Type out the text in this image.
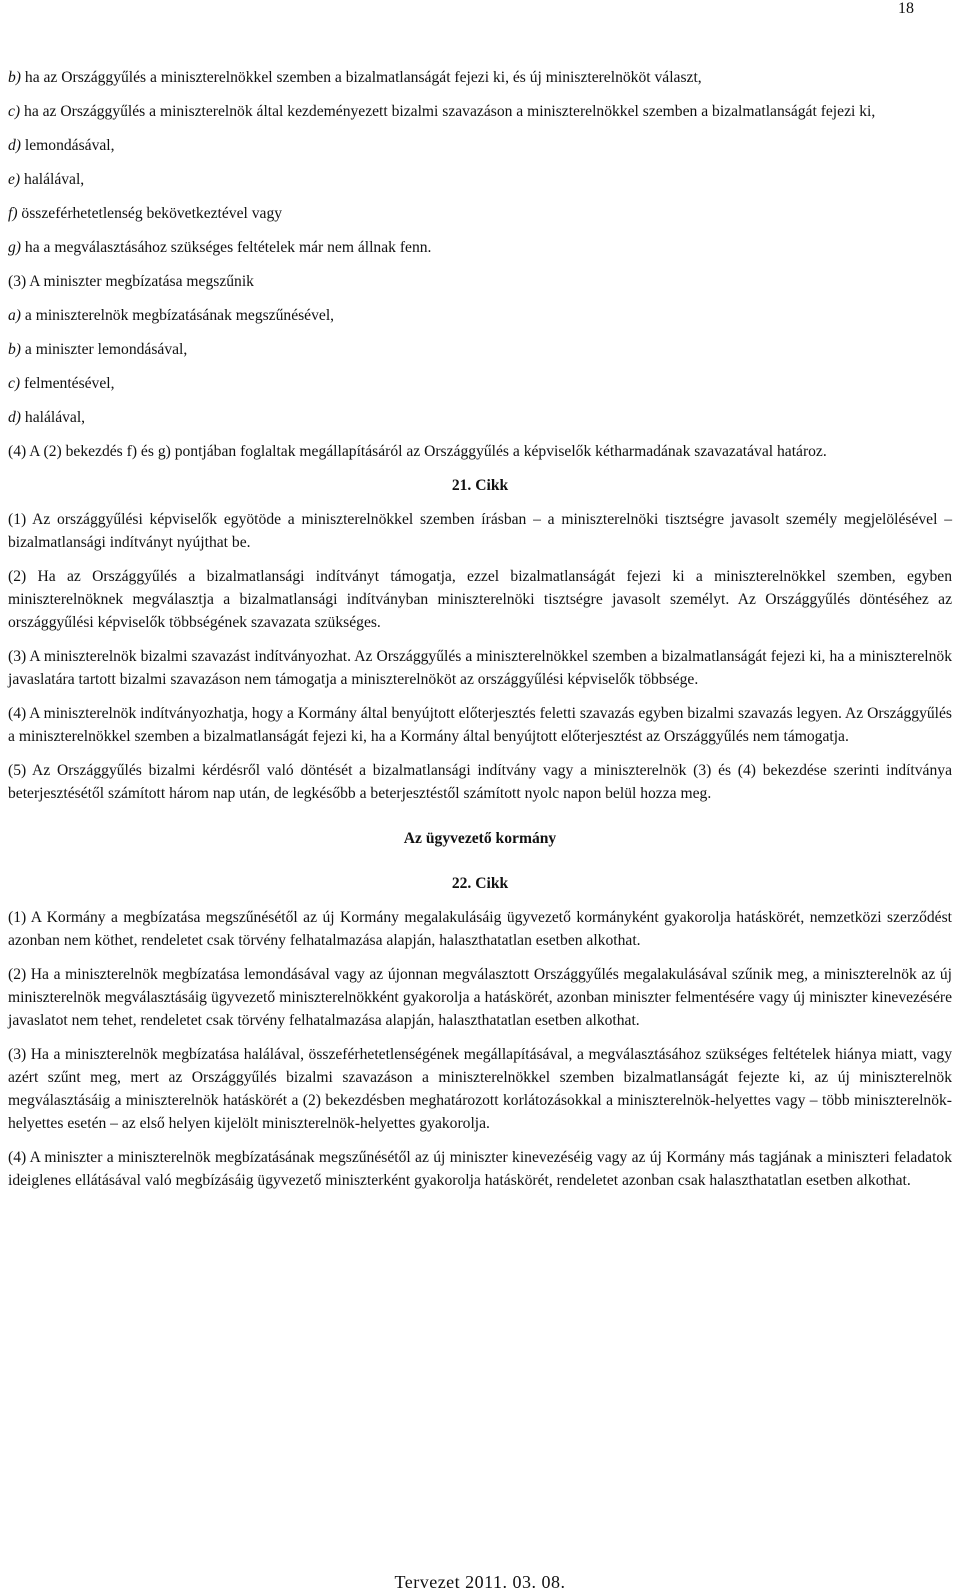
18

b) ha az Országgyűlés a miniszterelnökkel szemben a bizalmatlanságát fejezi ki, és új miniszterelnököt választ,

c) ha az Országgyűlés a miniszterelnök által kezdeményezett bizalmi szavazáson a miniszterelnökkel szemben a bizalmatlanságát fejezi ki,

d) lemondásával,

e) halálával,

f) összeférhetetlenség bekövetkeztével vagy

g) ha a megválasztásához szükséges feltételek már nem állnak fenn.

(3) A miniszter megbízatása megszűnik

a) a miniszterelnök megbízatásának megszűnésével,

b) a miniszter lemondásával,

c) felmentésével,

d) halálával,

(4) A (2) bekezdés f) és g) pontjában foglaltak megállapításáról az Országgyűlés a képviselők kétharmadának szavazatával határoz.

21. Cikk

(1) Az országgyűlési képviselők egyötöde a miniszterelnökkel szemben írásban – a miniszterelnöki tisztségre javasolt személy megjelölésével – bizalmatlansági indítványt nyújthat be.

(2) Ha az Országgyűlés a bizalmatlansági indítványt támogatja, ezzel bizalmatlanságát fejezi ki a miniszterelnökkel szemben, egyben miniszterelnöknek megválasztja a bizalmatlansági indítványban miniszterelnöki tisztségre javasolt személyt. Az Országgyűlés döntéséhez az országgyűlési képviselők többségének szavazata szükséges.

(3) A miniszterelnök bizalmi szavazást indítványozhat. Az Országgyűlés a miniszterelnökkel szemben a bizalmatlanságát fejezi ki, ha a miniszterelnök javaslatára tartott bizalmi szavazáson nem támogatja a miniszterelnököt az országgyűlési képviselők többsége.

(4) A miniszterelnök indítványozhatja, hogy a Kormány által benyújtott előterjesztés feletti szavazás egyben bizalmi szavazás legyen. Az Országgyűlés a miniszterelnökkel szemben a bizalmatlanságát fejezi ki, ha a Kormány által benyújtott előterjesztést az Országgyűlés nem támogatja.

(5) Az Országgyűlés bizalmi kérdésről való döntését a bizalmatlansági indítvány vagy a miniszterelnök (3) és (4) bekezdése szerinti indítványa beterjesztésétől számított három nap után, de legkésőbb a beterjesztéstől számított nyolc napon belül hozza meg.

Az ügyvezető kormány

22. Cikk

(1) A Kormány a megbízatása megszűnésétől az új Kormány megalakulásáig ügyvezető kormányként gyakorolja hatáskörét, nemzetközi szerződést azonban nem köthet, rendeletet csak törvény felhatalmazása alapján, halaszthatatlan esetben alkothat.

(2) Ha a miniszterelnök megbízatása lemondásával vagy az újonnan megválasztott Országgyűlés megalakulásával szűnik meg, a miniszterelnök az új miniszterelnök megválasztásáig ügyvezető miniszterelnökként gyakorolja a hatáskörét, azonban miniszter felmentésére vagy új miniszter kinevezésére javaslatot nem tehet, rendeletet csak törvény felhatalmazása alapján, halaszthatatlan esetben alkothat.

(3) Ha a miniszterelnök megbízatása halálával, összeférhetetlenségének megállapításával, a megválasztásához szükséges feltételek hiánya miatt, vagy azért szűnt meg, mert az Országgyűlés bizalmi szavazáson a miniszterelnökkel szemben bizalmatlanságát fejezte ki, az új miniszterelnök megválasztásáig a miniszterelnök hatáskörét a (2) bekezdésben meghatározott korlátozásokkal a miniszterelnök-helyettes vagy – több miniszterelnök-helyettes esetén – az első helyen kijelölt miniszterelnök-helyettes gyakorolja.

(4) A miniszter a miniszterelnök megbízatásának megszűnésétől az új miniszter kinevezéséig vagy az új Kormány más tagjának a miniszteri feladatok ideiglenes ellátásával való megbízásáig ügyvezető miniszterként gyakorolja hatáskörét, rendeletet azonban csak halaszthatatlan esetben alkothat.

Tervezet 2011. 03. 08.
